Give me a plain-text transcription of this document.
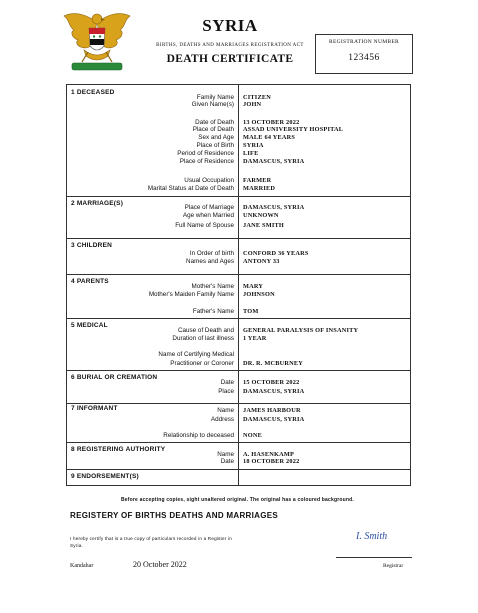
SYRIA
BIRTHS, DEATHS AND MARRIAGES REGISTRATION ACT
DEATH CERTIFICATE
REGISTRATION NUMBER
123456
1 DECEASED
Family Name CITIZEN
Given Name(s) JOHN
Date of Death 13 OCTOBER 2022
Place of Death ASSAD UNIVERSITY HOSPITAL
Sex and Age MALE 64 YEARS
Place of Birth SYRIA
Period of Residence LIFE
Place of Residence DAMASCUS, SYRIA
Usual Occupation FARMER
Marital Status at Date of Death MARRIED
2 MARRIAGE(S)
Place of Marriage DAMASCUS, SYRIA
Age when Married UNKNOWN
Full Name of Spouse JANE SMITH
3 CHILDREN
In Order of birth CONFORD 36 YEARS
Names and Ages ANTONY 33
4 PARENTS
Mother's Name MARY
Mother's Maiden Family Name JOHNSON
Father's Name TOM
5 MEDICAL
Cause of Death and GENERAL PARALYSIS OF INSANITY
Duration of last illness 1 YEAR
Name of Certifying Medical
Practitioner or Coroner DR. R. MCBURNEY
6 BURIAL OR CREMATION
Date 15 OCTOBER 2022
Place DAMASCUS, SYRIA
7 INFORMANT	Name JAMES HARBOUR
Address DAMASCUS, SYRIA
Relationship to deceased NONE
8 REGISTERING AUTHORITY
Name A. HASENKAMP
Date 18 OCTOBER 2022
9 ENDORSEMENT(S)
Before accepting copies, sight unaltered original. The original has a coloured background.
REGISTERY OF BIRTHS DEATHS AND MARRIAGES
I hereby certify that is a true copy of particulars recorded in a Register in
Syria.
I. Smith
Kandahar	20 October 2022	Registrar
